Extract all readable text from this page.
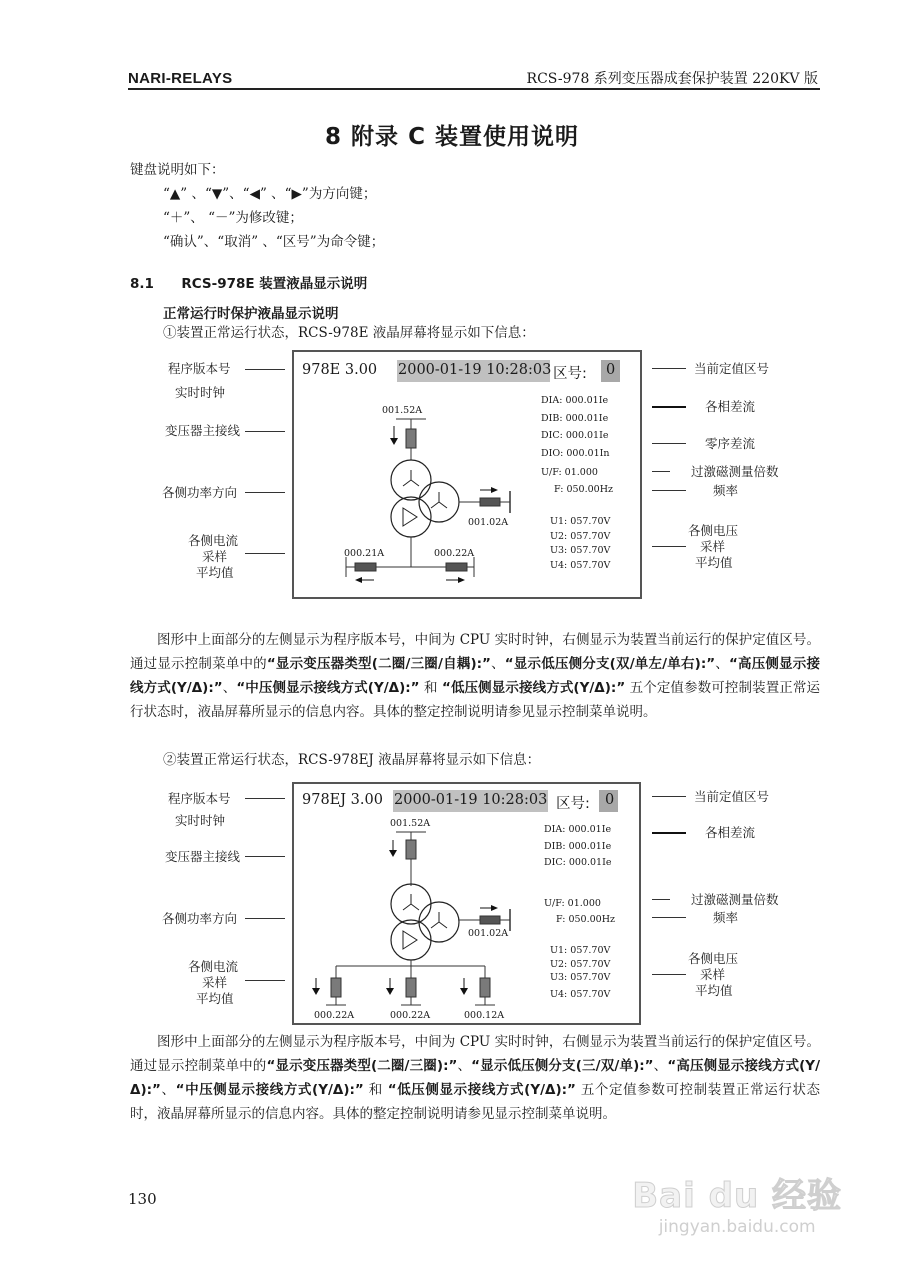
NARI-RELAYS	RCS-978 系列变压器成套保护装置 220KV 版
8 附录 C 装置使用说明
键盘说明如下：
“▲” 、“▼”、“◀” 、“▶”为方向键；
“＋”、 “－”为修改键；
“确认”、“取消” 、“区号”为命令键；
8.1 RCS-978E 装置液晶显示说明
正常运行时保护液晶显示说明
①装置正常运行状态，RCS-978E 液晶屏幕将显示如下信息：
程序版本号
实时时钟
变压器主接线
各侧功率方向
各侧电流
采样
平均值
当前定值区号
各相差流
零序差流
过激磁测量倍数
频率
各侧电压
采样
平均值
978E 3.00 2000-01-19 10:28:03 区号: 0
001.52A
001.02A
000.21A	000.22A
DIA: 000.01Ie
DIB: 000.01Ie
DIC: 000.01Ie
DIO: 000.01In
U/F: 01.000
F: 050.00Hz
U1: 057.70V
U2: 057.70V
U3: 057.70V
U4: 057.70V
图形中上面部分的左侧显示为程序版本号，中间为 CPU 实时时钟，右侧显示为装置当前运行的保护定值区号。通过显示控制菜单中的“显示变压器类型(二圈/三圈/自耦):”、“显示低压侧分支(双/单左/单右):”、“高压侧显示接线方式(Y/Δ):”、“中压侧显示接线方式(Y/Δ):” 和 “低压侧显示接线方式(Y/Δ):” 五个定值参数可控制装置正常运行状态时，液晶屏幕所显示的信息内容。具体的整定控制说明请参见显示控制菜单说明。
②装置正常运行状态，RCS-978EJ 液晶屏幕将显示如下信息：
程序版本号
实时时钟
变压器主接线
各侧功率方向
各侧电流
采样
平均值
当前定值区号
各相差流
过激磁测量倍数
频率
各侧电压
采样
平均值
978EJ 3.00 2000-01-19 10:28:03 区号: 0
001.52A
001.02A
000.22A	000.22A	000.12A
DIA: 000.01Ie
DIB: 000.01Ie
DIC: 000.01Ie
U/F: 01.000
F: 050.00Hz
U1: 057.70V
U2: 057.70V
U3: 057.70V
U4: 057.70V
图形中上面部分的左侧显示为程序版本号，中间为 CPU 实时时钟，右侧显示为装置当前运行的保护定值区号。通过显示控制菜单中的“显示变压器类型(二圈/三圈):”、“显示低压侧分支(三/双/单):”、“高压侧显示接线方式(Y/Δ):”、“中压侧显示接线方式(Y/Δ):” 和 “低压侧显示接线方式(Y/Δ):” 五个定值参数可控制装置正常运行状态时，液晶屏幕所显示的信息内容。具体的整定控制说明请参见显示控制菜单说明。
130	Bai du 经验
jingyan.baidu.com
